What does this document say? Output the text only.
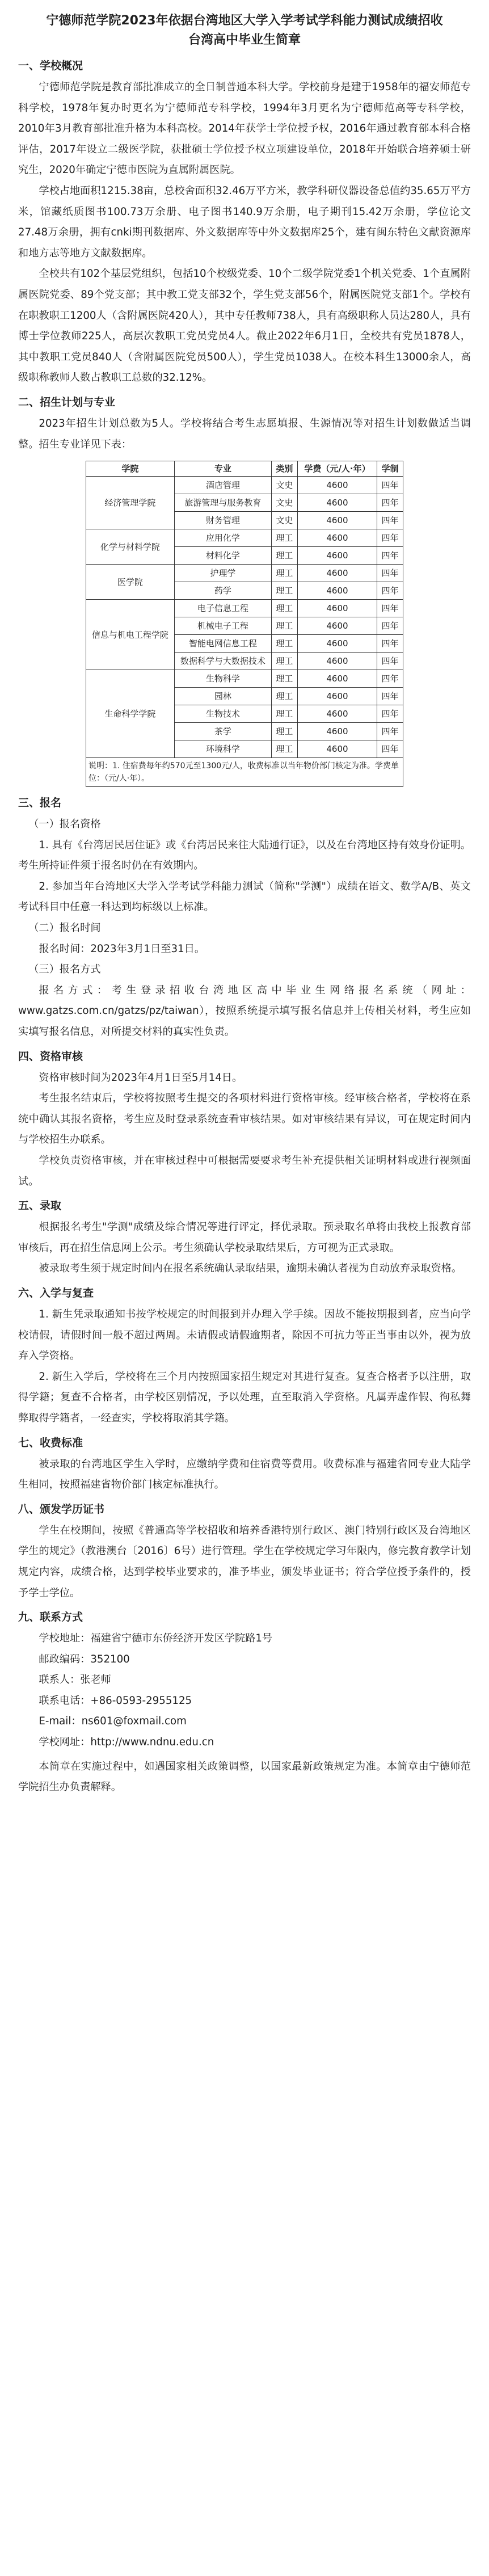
宁德师范学院2023年依据台湾地区大学入学考试学科能力测试成绩招收台湾高中毕业生简章
一、学校概况

宁德师范学院是教育部批准成立的全日制普通本科大学。学校前身是建于1958年的福安师范专科学校，1978年复办时更名为宁德师范专科学校，1994年3月更名为宁德师范高等专科学校，2010年3月教育部批准升格为本科高校。2014年获学士学位授予权，2016年通过教育部本科合格评估，2017年设立二级医学院，获批硕士学位授予权立项建设单位，2018年开始联合培养硕士研究生，2020年确定宁德市医院为直属附属医院。

学校占地面积1215.38亩，总校舍面积32.46万平方米，教学科研仪器设备总值约35.65万平方米，馆藏纸质图书100.73万余册、电子图书140.9万余册，电子期刊15.42万余册，学位论文27.48万余册，拥有cnki期刊数据库、外文数据库等中外文数据库25个，建有闽东特色文献资源库和地方志等地方文献数据库。

全校共有102个基层党组织，包括10个校级党委、10个二级学院党委1个机关党委、1个直属附属医院党委、89个党支部；其中教工党支部32个，学生党支部56个，附属医院党支部1个。学校有在职教职工1200人（含附属医院420人），其中专任教师738人，具有高级职称人员达280人，具有博士学位教师225人，高层次教职工党员党员4人。截止2022年6月1日，全校共有党员1878人，其中教职工党员840人（含附属医院党员500人），学生党员1038人。在校本科生13000余人，高级职称教师人数占教职工总数的32.12%。

二、招生计划与专业

2023年招生计划总数为5人。学校将结合考生志愿填报、生源情况等对招生计划数做适当调整。招生专业详见下表：

学院	专业	类别	学费（元/人·年）	学制
经济管理学院	酒店管理	文史	4600	四年
	旅游管理与服务教育	文史	4600	四年
	财务管理	文史	4600	四年
化学与材料学院	应用化学	理工	4600	四年
	材料化学	理工	4600	四年
医学院	护理学	理工	4600	四年
	药学	理工	4600	四年
信息与机电工程学院	电子信息工程	理工	4600	四年
	机械电子工程	理工	4600	四年
	智能电网信息工程	理工	4600	四年
	数据科学与大数据技术	理工	4600	四年
生命科学学院	生物科学	理工	4600	四年
	园林	理工	4600	四年
	生物技术	理工	4600	四年
	茶学	理工	4600	四年
	环境科学	理工	4600	四年
说明：1. 住宿费每年约570元至1300元/人，收费标准以当年物价部门核定为准。学费单位：（元/人·年）。				
三、报名

（一）报名资格

1. 具有《台湾居民居住证》或《台湾居民来往大陆通行证》，以及在台湾地区持有效身份证明。考生所持证件须于报名时仍在有效期内。

2. 参加当年台湾地区大学入学考试学科能力测试（简称"学测"）成绩在语文、数学A/B、英文考试科目中任意一科达到均标级以上标准。

（二）报名时间

报名时间：2023年3月1日至31日。

（三）报名方式

报名方式：考生登录招收台湾地区高中毕业生网络报名系统（网址：www.gatzs.com.cn/gatzs/pz/taiwan），按照系统提示填写报名信息并上传相关材料，考生应如实填写报名信息，对所提交材料的真实性负责。

四、资格审核

资格审核时间为2023年4月1日至5月14日。

考生报名结束后，学校将按照考生提交的各项材料进行资格审核。经审核合格者，学校将在系统中确认其报名资格，考生应及时登录系统查看审核结果。如对审核结果有异议，可在规定时间内与学校招生办联系。

学校负责资格审核，并在审核过程中可根据需要要求考生补充提供相关证明材料或进行视频面试。

五、录取

根据报名考生"学测"成绩及综合情况等进行评定，择优录取。预录取名单将由我校上报教育部审核后，再在招生信息网上公示。考生须确认学校录取结果后，方可视为正式录取。

被录取考生须于规定时间内在报名系统确认录取结果，逾期未确认者视为自动放弃录取资格。

六、入学与复查

1. 新生凭录取通知书按学校规定的时间报到并办理入学手续。因故不能按期报到者，应当向学校请假，请假时间一般不超过两周。未请假或请假逾期者，除因不可抗力等正当事由以外，视为放弃入学资格。

2. 新生入学后，学校将在三个月内按照国家招生规定对其进行复查。复查合格者予以注册，取得学籍；复查不合格者，由学校区别情况，予以处理，直至取消入学资格。凡属弄虚作假、徇私舞弊取得学籍者，一经查实，学校将取消其学籍。

七、收费标准

被录取的台湾地区学生入学时，应缴纳学费和住宿费等费用。收费标准与福建省同专业大陆学生相同，按照福建省物价部门核定标准执行。

八、颁发学历证书

学生在校期间，按照《普通高等学校招收和培养香港特别行政区、澳门特别行政区及台湾地区学生的规定》（教港澳台〔2016〕6号）进行管理。学生在学校规定学习年限内，修完教育教学计划规定内容，成绩合格，达到学校毕业要求的，准予毕业，颁发毕业证书；符合学位授予条件的，授予学士学位。

九、联系方式

学校地址：福建省宁德市东侨经济开发区学院路1号

邮政编码：352100

联系人：张老师

联系电话：+86-0593-2955125

E-mail：ns601@foxmail.com

学校网址：http://www.ndnu.edu.cn

本简章在实施过程中，如遇国家相关政策调整，以国家最新政策规定为准。本简章由宁德师范学院招生办负责解释。
